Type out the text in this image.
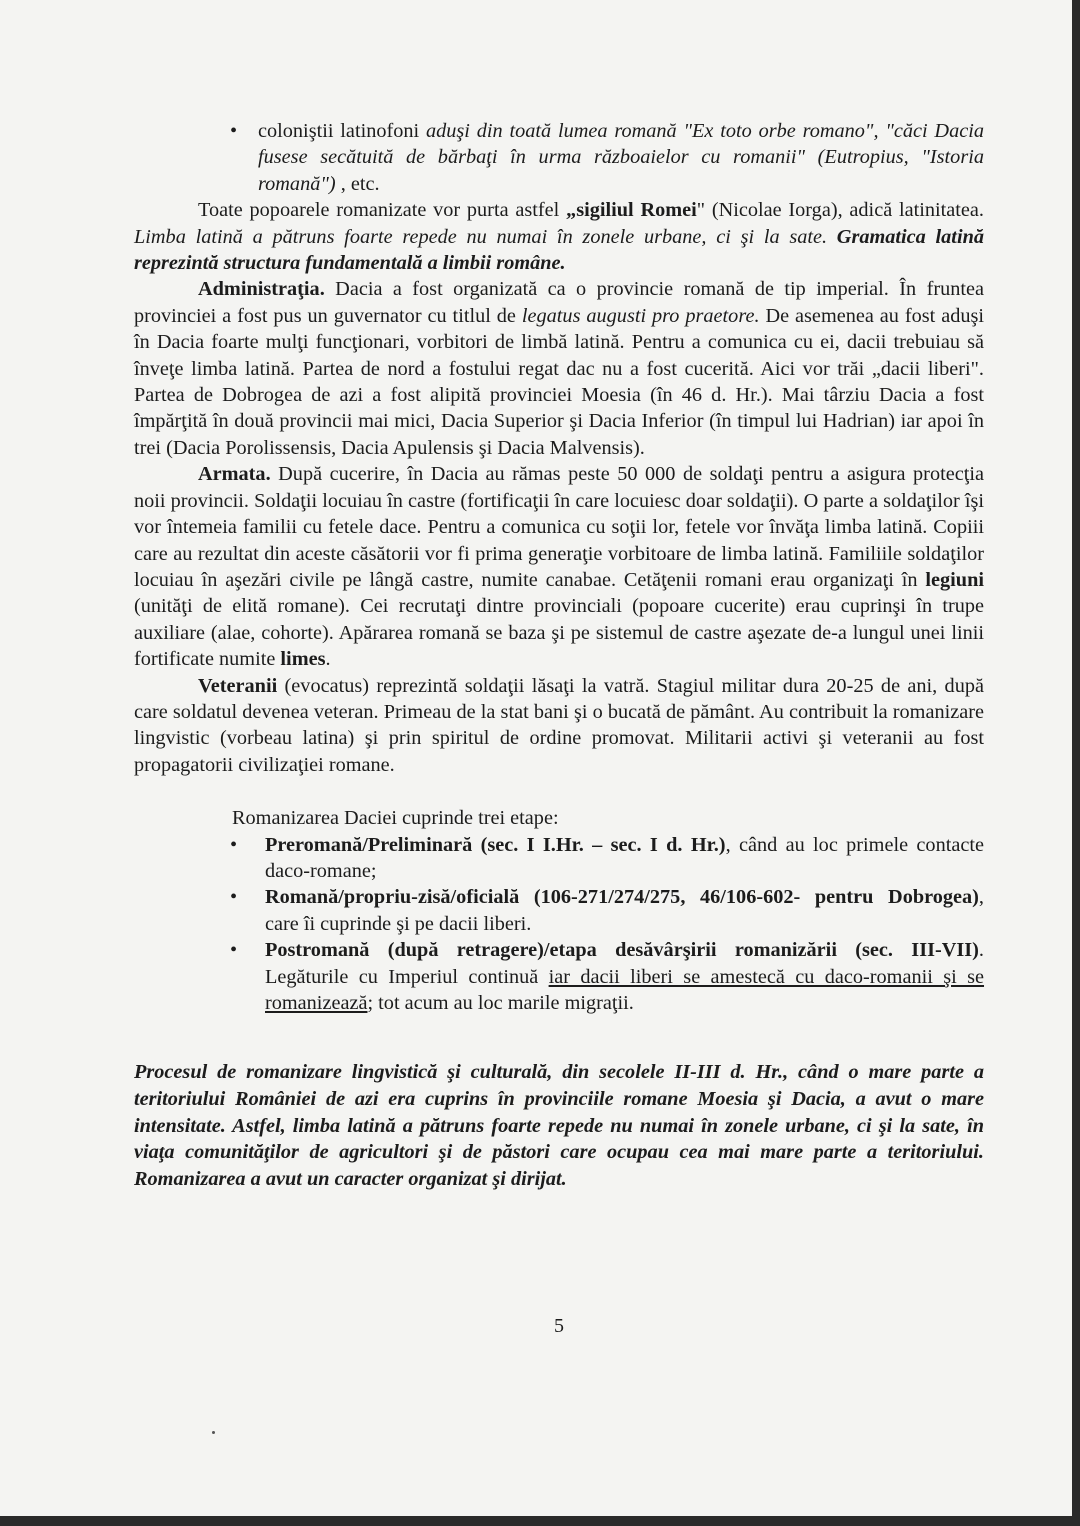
• coloniştii latinofoni aduşi din toată lumea romană "Ex toto orbe romano", "căci Dacia fusese secătuită de bărbaţi în urma războaielor cu romanii" (Eutropius, "Istoria romană") , etc.

Toate popoarele romanizate vor purta astfel „sigiliul Romei" (Nicolae Iorga), adică latinitatea. Limba latină a pătruns foarte repede nu numai în zonele urbane, ci şi la sate. Gramatica latină reprezintă structura fundamentală a limbii române.

Administraţia. Dacia a fost organizată ca o provincie romană de tip imperial. În fruntea provinciei a fost pus un guvernator cu titlul de legatus augusti pro praetore. De asemenea au fost aduşi în Dacia foarte mulţi funcţionari, vorbitori de limbă latină. Pentru a comunica cu ei, dacii trebuiau să înveţe limba latină. Partea de nord a fostului regat dac nu a fost cucerită. Aici vor trăi „dacii liberi". Partea de Dobrogea de azi a fost alipită provinciei Moesia (în 46 d. Hr.). Mai târziu Dacia a fost împărţită în două provincii mai mici, Dacia Superior şi Dacia Inferior (în timpul lui Hadrian) iar apoi în trei (Dacia Porolissensis, Dacia Apulensis şi Dacia Malvensis).

Armata. După cucerire, în Dacia au rămas peste 50 000 de soldaţi pentru a asigura protecţia noii provincii. Soldaţii locuiau în castre (fortificaţii în care locuiesc doar soldaţii). O parte a soldaţilor îşi vor întemeia familii cu fetele dace. Pentru a comunica cu soţii lor, fetele vor învăţa limba latină. Copiii care au rezultat din aceste căsătorii vor fi prima generaţie vorbitoare de limba latină. Familiile soldaţilor locuiau în aşezări civile pe lângă castre, numite canabae. Cetăţenii romani erau organizaţi în legiuni (unităţi de elită romane). Cei recrutaţi dintre provinciali (popoare cucerite) erau cuprinşi în trupe auxiliare (alae, cohorte). Apărarea romană se baza şi pe sistemul de castre aşezate de-a lungul unei linii fortificate numite limes.

Veteranii (evocatus) reprezintă soldaţii lăsaţi la vatră. Stagiul militar dura 20-25 de ani, după care soldatul devenea veteran. Primeau de la stat bani şi o bucată de pământ. Au contribuit la romanizare lingvistic (vorbeau latina) şi prin spiritul de ordine promovat. Militarii activi şi veteranii au fost propagatorii civilizaţiei romane.

Romanizarea Daciei cuprinde trei etape:

• Preromană/Preliminară (sec. I I.Hr. – sec. I d. Hr.), când au loc primele contacte daco-romane;

• Romană/propriu-zisă/oficială (106-271/274/275, 46/106-602- pentru Dobrogea), care îi cuprinde şi pe dacii liberi.

• Postromană (după retragere)/etapa desăvârşirii romanizării (sec. III-VII). Legăturile cu Imperiul continuă iar dacii liberi se amestecă cu daco-romanii şi se romanizează; tot acum au loc marile migraţii.

Procesul de romanizare lingvistică şi culturală, din secolele II-III d. Hr., când o mare parte a teritoriului României de azi era cuprins în provinciile romane Moesia şi Dacia, a avut o mare intensitate. Astfel, limba latină a pătruns foarte repede nu numai în zonele urbane, ci şi la sate, în viaţa comunităţilor de agricultori şi de păstori care ocupau cea mai mare parte a teritoriului. Romanizarea a avut un caracter organizat şi dirijat.

5
